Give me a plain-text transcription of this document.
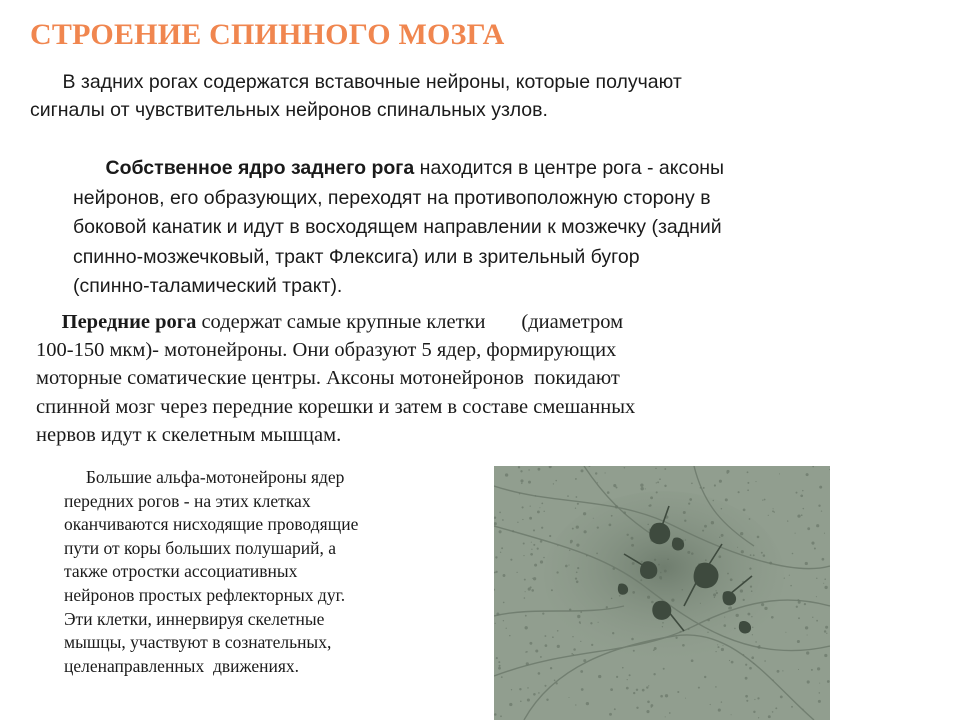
СТРОЕНИЕ СПИННОГО МОЗГА
В задних рогах содержатся вставочные нейроны, которые получают
сигналы от чувствительных нейронов спинальных узлов.
Собственное ядро заднего рога находится в центре рога - аксоны
нейронов, его образующих, переходят на противоположную сторону в
боковой канатик и идут в восходящем направлении к мозжечку (задний
спинно-мозжечковый, тракт Флексига) или в зрительный бугор
(спинно-таламический тракт).
Передние рога содержат самые крупные клетки       (диаметром
100-150 мкм)- мотонейроны. Они образуют 5 ядер, формирующих
моторные соматические центры. Аксоны мотонейронов  покидают
спинной мозг через передние корешки и затем в составе смешанных
нервов идут к скелетным мышцам.
Большие альфа-мотонейроны ядер
передних рогов - на этих клетках
оканчиваются нисходящие проводящие
пути от коры больших полушарий, а
также отростки ассоциативных
нейронов простых рефлекторных дуг.
Эти клетки, иннервируя скелетные
мышцы, участвуют в сознательных,
целенаправленных  движениях.
